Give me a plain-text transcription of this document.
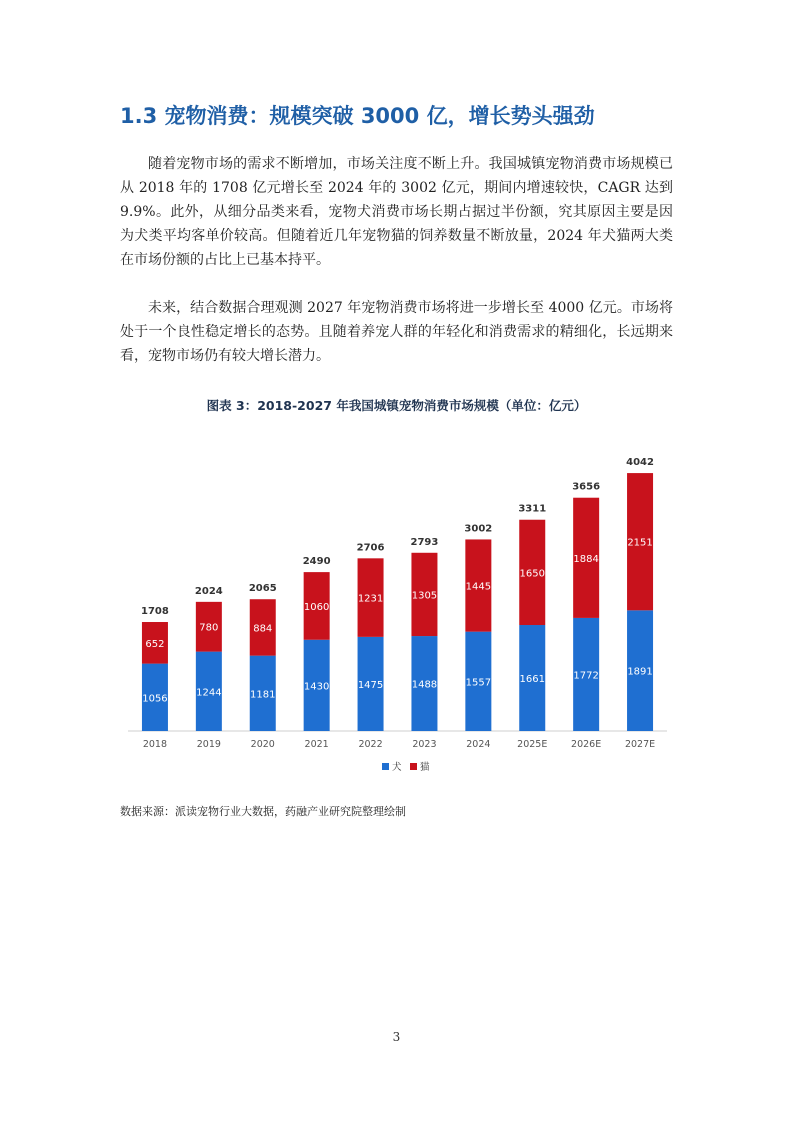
1.3 宠物消费：规模突破 3000 亿，增长势头强劲

随着宠物市场的需求不断增加，市场关注度不断上升。我国城镇宠物消费市场规模已从 2018 年的 1708 亿元增长至 2024 年的 3002 亿元，期间内增速较快，CAGR 达到 9.9%。此外，从细分品类来看，宠物犬消费市场长期占据过半份额，究其原因主要是因为犬类平均客单价较高。但随着近几年宠物猫的饲养数量不断放量，2024 年犬猫两大类在市场份额的占比上已基本持平。

未来，结合数据合理观测 2027 年宠物消费市场将进一步增长至 4000 亿元。市场将处于一个良性稳定增长的态势。且随着养宠人群的年轻化和消费需求的精细化，长远期来看，宠物市场仍有较大增长潜力。

图表 3：2018-2027 年我国城镇宠物消费市场规模（单位：亿元）
1056
652
1708
2018
1244
780
2024
2019
1181
884
2065
2020
1430
1060
2490
2021
1475
1231
2706
2022
1488
1305
2793
2023
1557
1445
3002
2024
1661
1650
3311
2025E
1772
1884
3656
2026E
1891
2151
4042
2027E
犬 猫
数据来源：派读宠物行业大数据，药融产业研究院整理绘制
3
